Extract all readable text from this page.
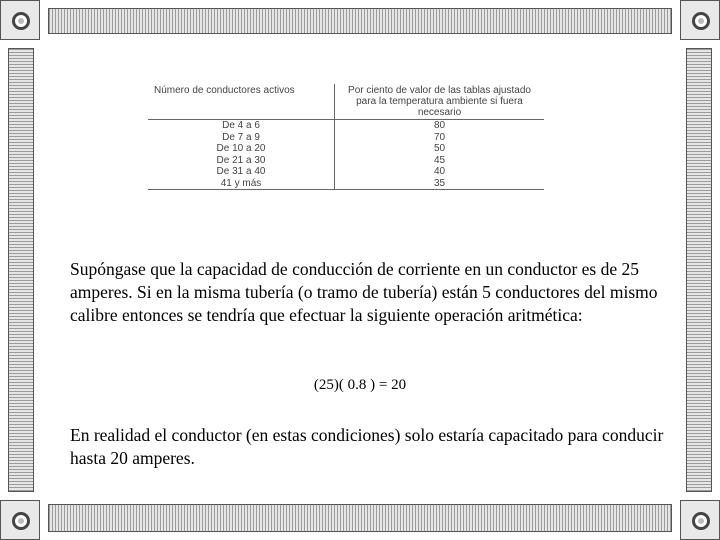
Número de conductores activos	Por ciento de valor de las tablas ajustado para la temperatura ambiente si fuera necesario
De 4 a 6	80
De 7 a 9	70
De 10 a 20	50
De 21 a 30	45
De 31 a 40	40
41 y más	35

Supóngase que la capacidad de conducción de corriente en un conductor es de 25 amperes. Si en la misma tubería (o tramo de tubería) están 5 conductores del mismo calibre entonces se tendría que efectuar la siguiente operación aritmética:

(25)( 0.8 ) = 20

En realidad el conductor (en estas condiciones) solo estaría capacitado para conducir hasta 20 amperes.
